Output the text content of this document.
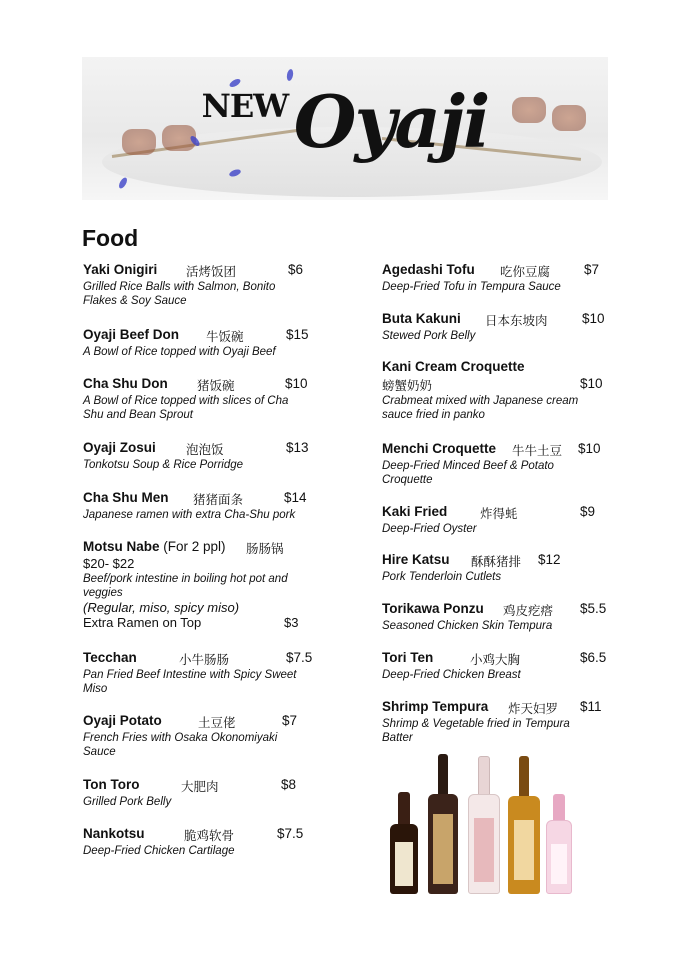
NEW Oyaji
Food
Yaki Onigiri 活烤饭团	$6
Grilled Rice Balls with Salmon, Bonito
Flakes & Soy Sauce
Oyaji Beef Don 牛饭碗	$15
A Bowl of Rice topped with Oyaji Beef
Cha Shu Don 猪饭碗	$10
A Bowl of Rice topped with slices of Cha
Shu and Bean Sprout
Oyaji Zosui 泡泡饭	$13
Tonkotsu Soup & Rice Porridge
Cha Shu Men 猪猪面条	$14
Japanese ramen with extra Cha-Shu pork
Motsu Nabe (For 2 ppl) 肠肠锅
$20- $22
Beef/pork intestine in boiling hot pot and
veggies
(Regular, miso, spicy miso)
Extra Ramen on Top	$3
Tecchan	小牛肠肠	$7.5
Pan Fried Beef Intestine with Spicy Sweet
Miso
Oyaji Potato	土豆佬	$7
French Fries with Osaka Okonomiyaki
Sauce
Ton Toro	大肥肉	$8
Grilled Pork Belly
Nankotsu	脆鸡软骨	$7.5
Deep-Fried Chicken Cartilage
Agedashi Tofu 吃你豆腐	$7
Deep-Fried Tofu in Tempura Sauce
Buta Kakuni 日本东坡肉	$10
Stewed Pork Belly
Kani Cream Croquette
螃蟹奶奶	$10
Crabmeat mixed with Japanese cream
sauce fried in panko
Menchi Croquette 牛牛土豆 $10
Deep-Fried Minced Beef & Potato
Croquette
Kaki Fried	炸得蚝	$9
Deep-Fried Oyster
Hire Katsu 酥酥猪排 $12
Pork Tenderloin Cutlets
Torikawa Ponzu 鸡皮疙瘩 $5.5
Seasoned Chicken Skin Tempura
Tori Ten	小鸡大胸	$6.5
Deep-Fried Chicken Breast
Shrimp Tempura 炸天妇罗 $11
Shrimp & Vegetable fried in Tempura
Batter
